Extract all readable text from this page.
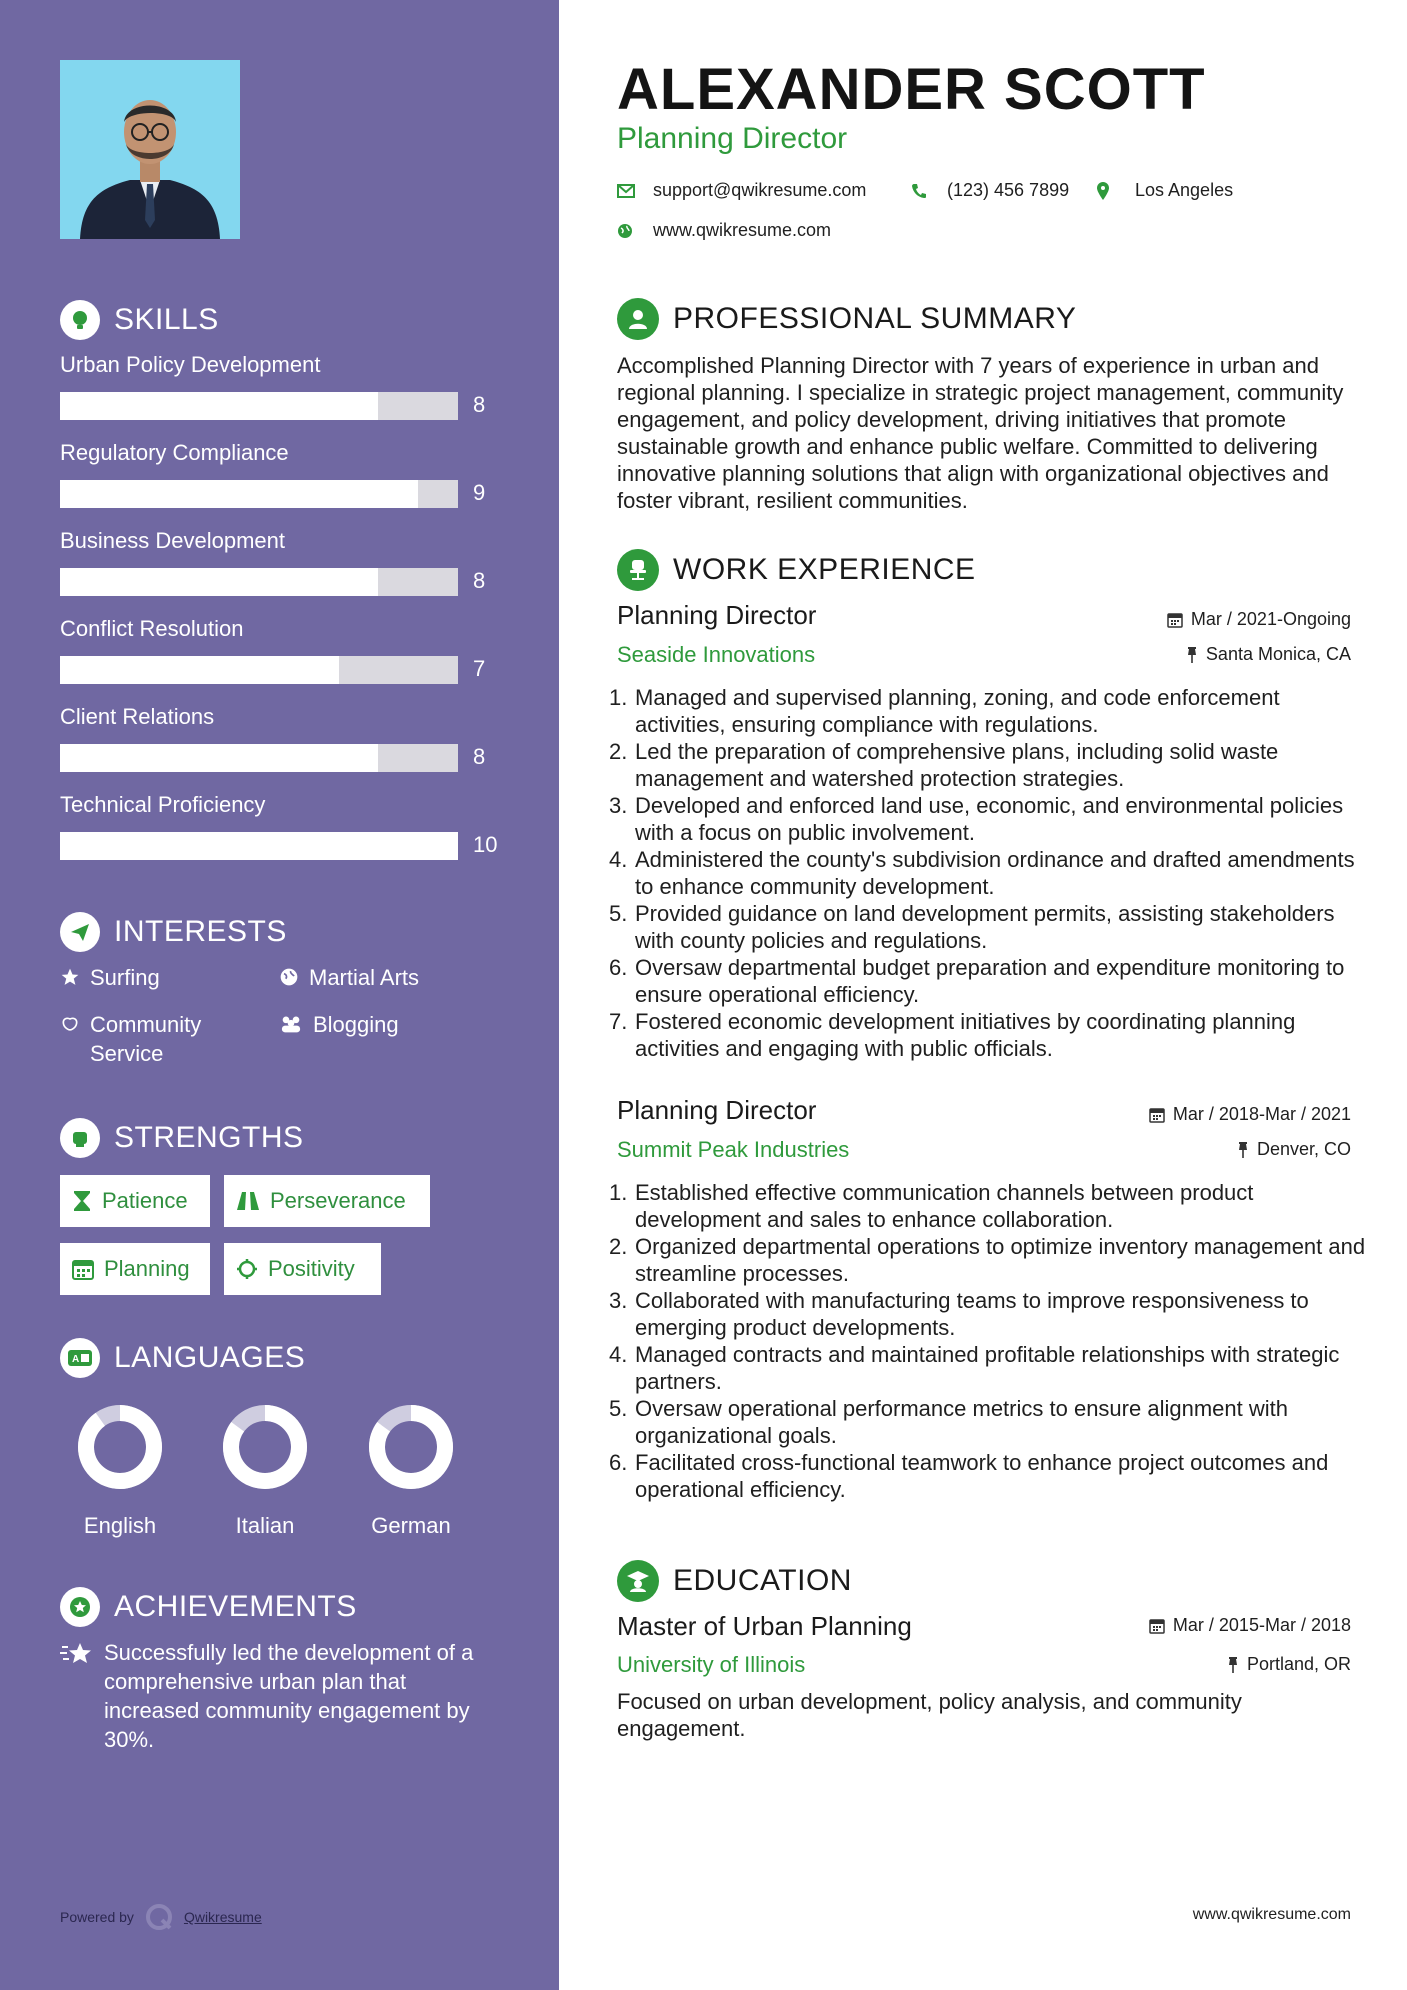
SKILLS
Urban Policy Development
8
Regulatory Compliance
9
Business Development
8
Conflict Resolution
7
Client Relations
8
Technical Proficiency
10
INTERESTS
Surfing	Martial Arts
Community Service
Blogging
STRENGTHS
Patience	Perseverance
Planning	Positivity
A LANGUAGES
English	Italian	German
ACHIEVEMENTS
Successfully led the development of a comprehensive urban plan that increased community engagement by 30%.
Powered by	Qwikresume
ALEXANDER SCOTT
Planning Director
support@qwikresume.com	(123) 456 7899	Los Angeles
www.qwikresume.com
PROFESSIONAL SUMMARY
Accomplished Planning Director with 7 years of experience in urban and regional planning. I specialize in strategic project management, community engagement, and policy development, driving initiatives that promote sustainable growth and enhance public welfare. Committed to delivering innovative planning solutions that align with organizational objectives and foster vibrant, resilient communities.
WORK EXPERIENCE
Planning Director
Seaside Innovations
Mar / 2021-Ongoing
Santa Monica, CA
1. Managed and supervised planning, zoning, and code enforcement activities, ensuring compliance with regulations.
2. Led the preparation of comprehensive plans, including solid waste management and watershed protection strategies.
3. Developed and enforced land use, economic, and environmental policies with a focus on public involvement.
4. Administered the county's subdivision ordinance and drafted amendments to enhance community development.
5. Provided guidance on land development permits, assisting stakeholders with county policies and regulations.
6. Oversaw departmental budget preparation and expenditure monitoring to ensure operational efficiency.
7. Fostered economic development initiatives by coordinating planning activities and engaging with public officials.
Planning Director
Summit Peak Industries
Mar / 2018-Mar / 2021
Denver, CO
1. Established effective communication channels between product development and sales to enhance collaboration.
2. Organized departmental operations to optimize inventory management and streamline processes.
3. Collaborated with manufacturing teams to improve responsiveness to emerging product developments.
4. Managed contracts and maintained profitable relationships with strategic partners.
5. Oversaw operational performance metrics to ensure alignment with organizational goals.
6. Facilitated cross-functional teamwork to enhance project outcomes and operational efficiency.
EDUCATION
Master of Urban Planning
University of Illinois
Mar / 2015-Mar / 2018
Portland, OR
Focused on urban development, policy analysis, and community engagement.
www.qwikresume.com
